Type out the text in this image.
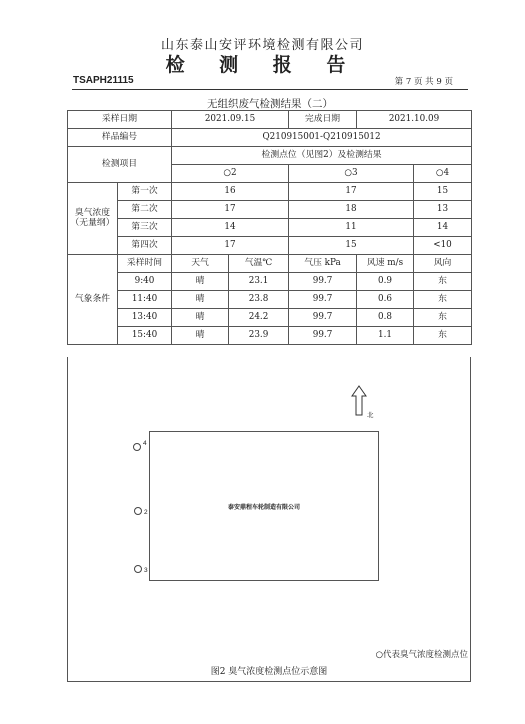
山东泰山安评环境检测有限公司
检 测 报 告
TSAPH21115	第 7 页 共 9 页
无组织废气检测结果（二）
采样日期		2021.09.15		完成日期	2021.10.09	
样品编号		Q210915001-Q210915012				
检测项目		检测点位（见图2）及检测结果				
		○2		○3		○4
臭气浓度
（无量纲）	第一次	16		17		15
	第二次	17		18		13
	第三次	14		11		14
	第四次	17		15		<10
气象条件	采样时间	天气	气温℃	气压 kPa	风速 m/s	风向
	9:40	晴	23.1	99.7	0.9	东
	11:40	晴	23.8	99.7	0.6	东
	13:40	晴	24.2	99.7	0.8	东
	15:40	晴	23.9	99.7	1.1	东
北
泰安鼎程车轮制造有限公司
4
2
3
○代表臭气浓度检测点位
图2 臭气浓度检测点位示意图
